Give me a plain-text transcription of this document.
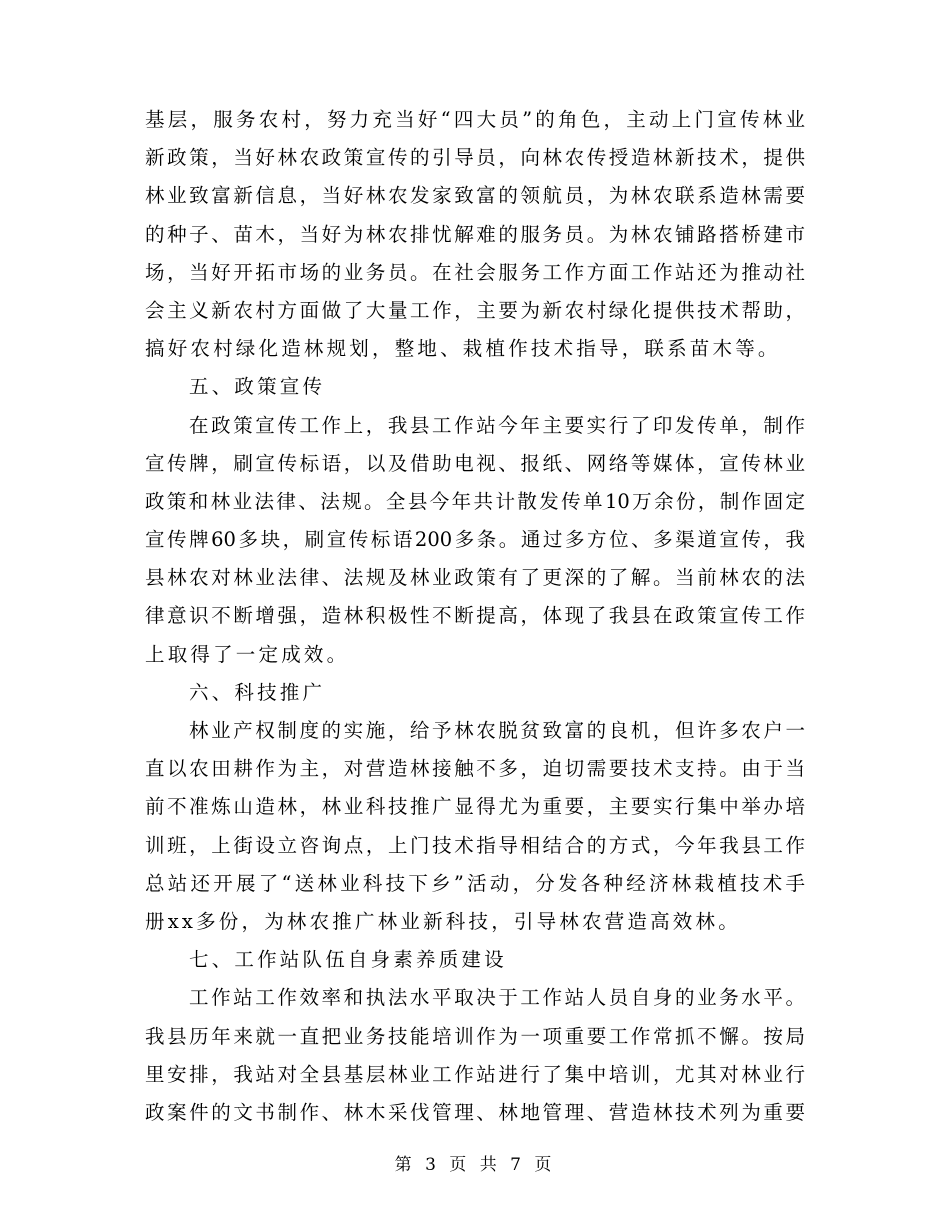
基层，服务农村，努力充当好“四大员”的角色，主动上门宣传林业
新政策，当好林农政策宣传的引导员，向林农传授造林新技术，提供
林业致富新信息，当好林农发家致富的领航员，为林农联系造林需要
的种子、苗木，当好为林农排忧解难的服务员。为林农铺路搭桥建市
场，当好开拓市场的业务员。在社会服务工作方面工作站还为推动社
会主义新农村方面做了大量工作，主要为新农村绿化提供技术帮助，
搞好农村绿化造林规划，整地、栽植作技术指导，联系苗木等。
五、政策宣传
在政策宣传工作上，我县工作站今年主要实行了印发传单，制作
宣传牌，刷宣传标语，以及借助电视、报纸、网络等媒体，宣传林业
政策和林业法律、法规。全县今年共计散发传单10万余份，制作固定
宣传牌60多块，刷宣传标语200多条。通过多方位、多渠道宣传，我
县林农对林业法律、法规及林业政策有了更深的了解。当前林农的法
律意识不断增强，造林积极性不断提高，体现了我县在政策宣传工作
上取得了一定成效。
六、科技推广
林业产权制度的实施，给予林农脱贫致富的良机，但许多农户一
直以农田耕作为主，对营造林接触不多，迫切需要技术支持。由于当
前不准炼山造林，林业科技推广显得尤为重要，主要实行集中举办培
训班，上街设立咨询点，上门技术指导相结合的方式，今年我县工作
总站还开展了“送林业科技下乡”活动，分发各种经济林栽植技术手
册xx多份，为林农推广林业新科技，引导林农营造高效林。
七、工作站队伍自身素养质建设
工作站工作效率和执法水平取决于工作站人员自身的业务水平。
我县历年来就一直把业务技能培训作为一项重要工作常抓不懈。按局
里安排，我站对全县基层林业工作站进行了集中培训，尤其对林业行
政案件的文书制作、林木采伐管理、林地管理、营造林技术列为重要
第 3 页 共 7 页
